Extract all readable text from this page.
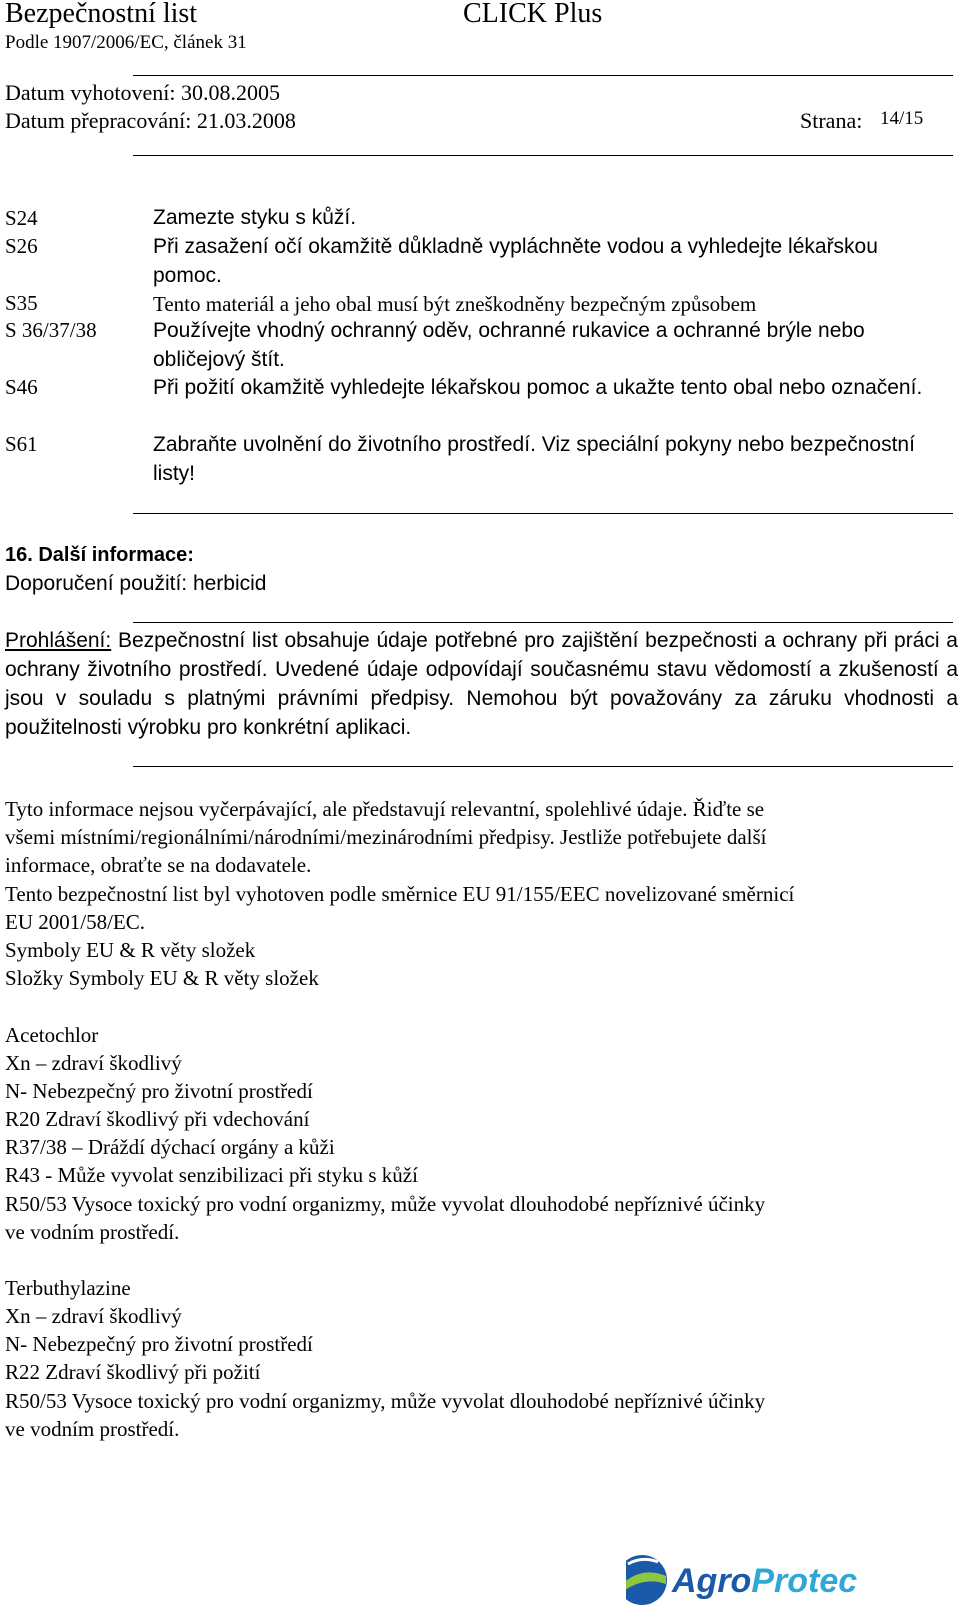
Bezpečnostní list	CLICK Plus
Podle 1907/2006/EC, článek 31
Datum vyhotovení: 30.08.2005
Datum přepracování: 21.03.2008	Strana: 14/15
S24	Zamezte styku s kůží.
S26	Při zasažení očí okamžitě důkladně vypláchněte vodou a vyhledejte lékařskou pomoc.
S35	Tento materiál a jeho obal musí být zneškodněny bezpečným způsobem
S 36/37/38	Používejte vhodný ochranný oděv, ochranné rukavice a ochranné brýle nebo obličejový štít.
S46	Při požití okamžitě vyhledejte lékařskou pomoc a ukažte tento obal nebo označení.
S61	Zabraňte uvolnění do životního prostředí. Viz speciální pokyny nebo bezpečnostní listy!
16. Další informace:
Doporučení použití: herbicid
Prohlášení: Bezpečnostní list obsahuje údaje potřebné pro zajištění bezpečnosti a ochrany při práci a ochrany životního prostředí. Uvedené údaje odpovídají současnému stavu vědomostí a zkušeností a jsou v souladu s platnými právními předpisy. Nemohou být považovány za záruku vhodnosti a použitelnosti výrobku pro konkrétní aplikaci.
Tyto informace nejsou vyčerpávající, ale představují relevantní, spolehlivé údaje. Řiďte se
všemi místními/regionálními/národními/mezinárodními předpisy. Jestliže potřebujete další
informace, obraťte se na dodavatele.
Tento bezpečnostní list byl vyhotoven podle směrnice EU 91/155/EEC novelizované směrnicí
EU 2001/58/EC.
Symboly EU & R věty složek
Složky Symboly EU & R věty složek
Acetochlor
Xn – zdraví škodlivý
N- Nebezpečný pro životní prostředí
R20 Zdraví škodlivý při vdechování
R37/38 – Dráždí dýchací orgány a kůži
R43 - Může vyvolat senzibilizaci při styku s kůží
R50/53 Vysoce toxický pro vodní organizmy, může vyvolat dlouhodobé nepříznivé účinky
ve vodním prostředí.
Terbuthylazine
Xn – zdraví škodlivý
N- Nebezpečný pro životní prostředí
R22 Zdraví škodlivý při požití
R50/53 Vysoce toxický pro vodní organizmy, může vyvolat dlouhodobé nepříznivé účinky
ve vodním prostředí.
AgroProtec
